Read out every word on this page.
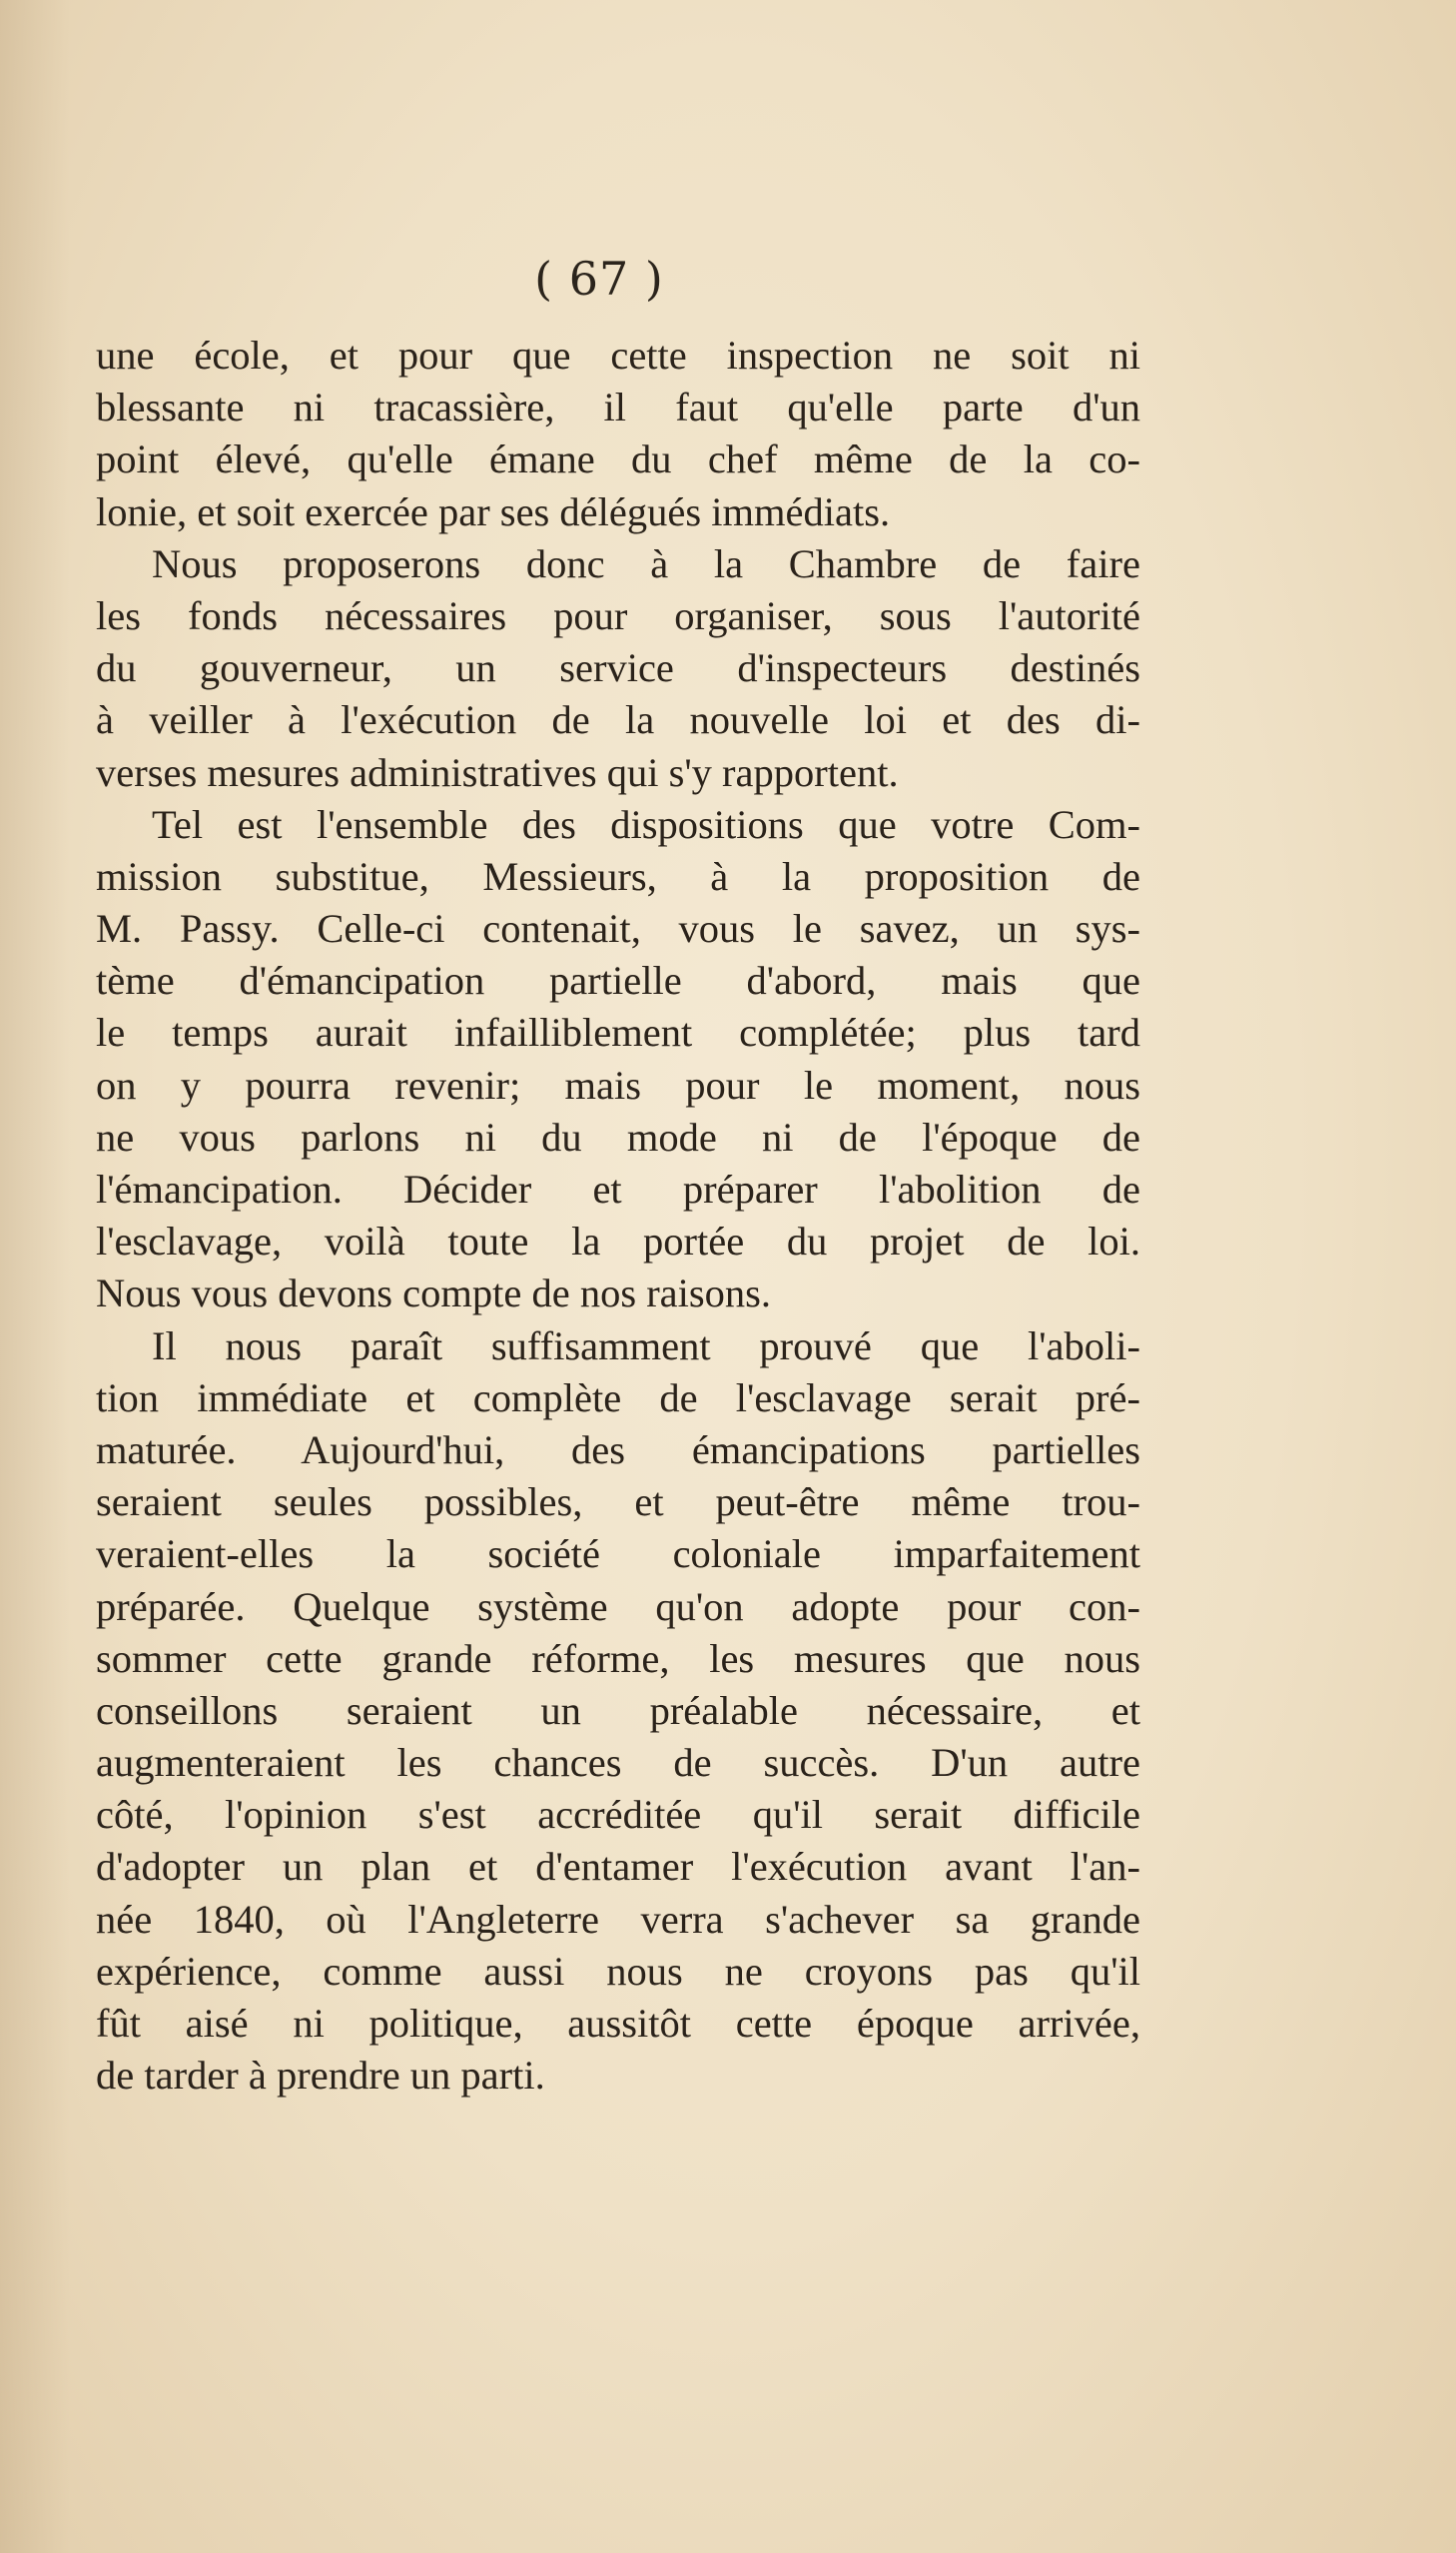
( 67 )
une école, et pour que cette inspection ne soit ni
blessante ni tracassière, il faut qu'elle parte d'un
point élevé, qu'elle émane du chef même de la co-
lonie, et soit exercée par ses délégués immédiats.
Nous proposerons donc à la Chambre de faire
les fonds nécessaires pour organiser, sous l'autorité
du gouverneur, un service d'inspecteurs destinés
à veiller à l'exécution de la nouvelle loi et des di-
verses mesures administratives qui s'y rapportent.
Tel est l'ensemble des dispositions que votre Com-
mission substitue, Messieurs, à la proposition de
M. Passy. Celle-ci contenait, vous le savez, un sys-
tème d'émancipation partielle d'abord, mais que
le temps aurait infailliblement complétée; plus tard
on y pourra revenir; mais pour le moment, nous
ne vous parlons ni du mode ni de l'époque de
l'émancipation. Décider et préparer l'abolition de
l'esclavage, voilà toute la portée du projet de loi.
Nous vous devons compte de nos raisons.
Il nous paraît suffisamment prouvé que l'aboli-
tion immédiate et complète de l'esclavage serait pré-
maturée. Aujourd'hui, des émancipations partielles
seraient seules possibles, et peut-être même trou-
veraient-elles la société coloniale imparfaitement
préparée. Quelque système qu'on adopte pour con-
sommer cette grande réforme, les mesures que nous
conseillons seraient un préalable nécessaire, et
augmenteraient les chances de succès. D'un autre
côté, l'opinion s'est accréditée qu'il serait difficile
d'adopter un plan et d'entamer l'exécution avant l'an-
née 1840, où l'Angleterre verra s'achever sa grande
expérience, comme aussi nous ne croyons pas qu'il
fût aisé ni politique, aussitôt cette époque arrivée,
de tarder à prendre un parti.
